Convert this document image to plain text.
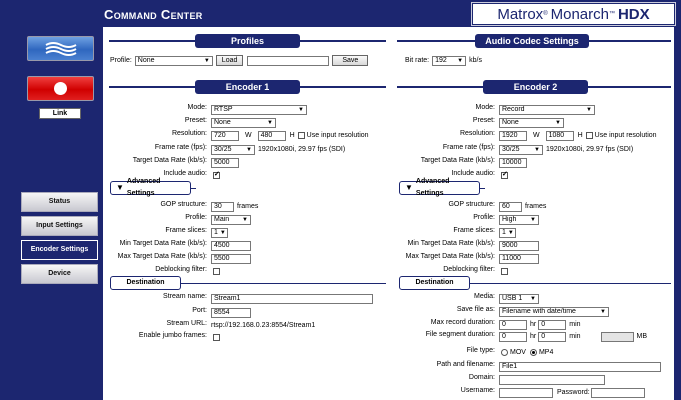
Command Center	Matrox ® Monarch ™ HDX
Link
Status
Input Settings
Encoder Settings
Device
Profiles
Profile: None	▼	Load	Save
Audio Codec Settings
Bit rate: 192 ▼ kb/s
Encoder 1	Encoder 2
Mode: RTSP	▼
Preset: None	▼
Resolution:	720	W	480	H Use input resolution
Frame rate (fps): 30/25 ▼ 1920x1080i, 29.97 fps (SDI)
Target Data Rate (kb/s):	5000
Include audio:
✓
▼
Advanced Settings
GOP structure:	30	frames
Profile: Main ▼
Frame slices: 1 ▼
Min Target Data Rate (kb/s):	4500
Max Target Data Rate (kb/s):	5500
Deblocking filter:
Destination
Stream name:	Stream1
Port:	8554
Stream URL: rtsp://192.168.0.23:8554/Stream1
Enable jumbo frames:
Mode: Record	▼
Preset: None	▼
Resolution:	1920	W	1080	H Use input resolution
Frame rate (fps): 30/25 ▼ 1920x1080i, 29.97 fps (SDI)
Target Data Rate (kb/s):	10000
Include audio:
✓
▼
Advanced Settings
GOP structure:	60	frames
Profile: High ▼
Frame slices: 1 ▼
Min Target Data Rate (kb/s):	9000
Max Target Data Rate (kb/s):	11000
Deblocking filter:
Destination
Media: USB 1 ▼
Save file as: Filename with date/time	▼
Max record duration:	0	hr 0	min
File segment duration:	0	hr 0	min	MB
File type: MOV MP4
Path and filename:	File1
Domain:
Username:	Password:
